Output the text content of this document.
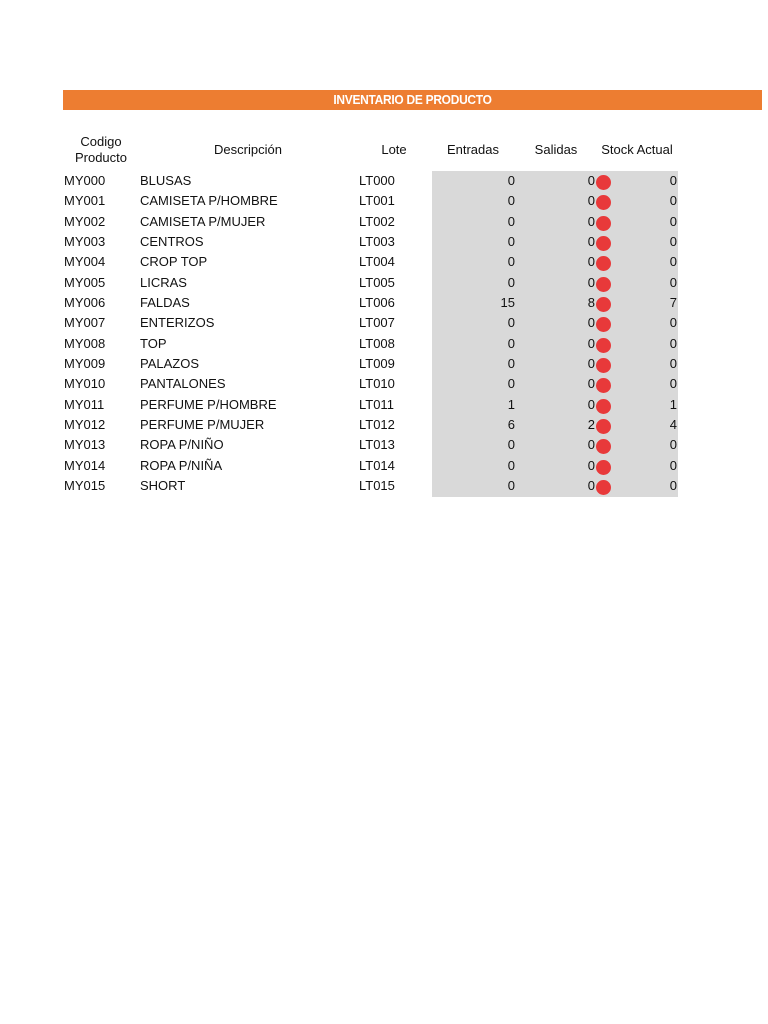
INVENTARIO DE PRODUCTO
Codigo
Producto
Descripción	Lote	Entradas	Salidas	Stock Actual
MY000	BLUSAS	LT000	0	0	0
MY001	CAMISETA P/HOMBRE	LT001	0	0	0
MY002	CAMISETA P/MUJER	LT002	0	0	0
MY003	CENTROS	LT003	0	0	0
MY004	CROP TOP	LT004	0	0	0
MY005	LICRAS	LT005	0	0	0
MY006	FALDAS	LT006	15	8	7
MY007	ENTERIZOS	LT007	0	0	0
MY008	TOP	LT008	0	0	0
MY009	PALAZOS	LT009	0	0	0
MY010	PANTALONES	LT010	0	0	0
MY011	PERFUME P/HOMBRE	LT011	1	0	1
MY012	PERFUME P/MUJER	LT012	6	2	4
MY013	ROPA P/NIÑO	LT013	0	0	0
MY014	ROPA P/NIÑA	LT014	0	0	0
MY015	SHORT	LT015	0	0	0
